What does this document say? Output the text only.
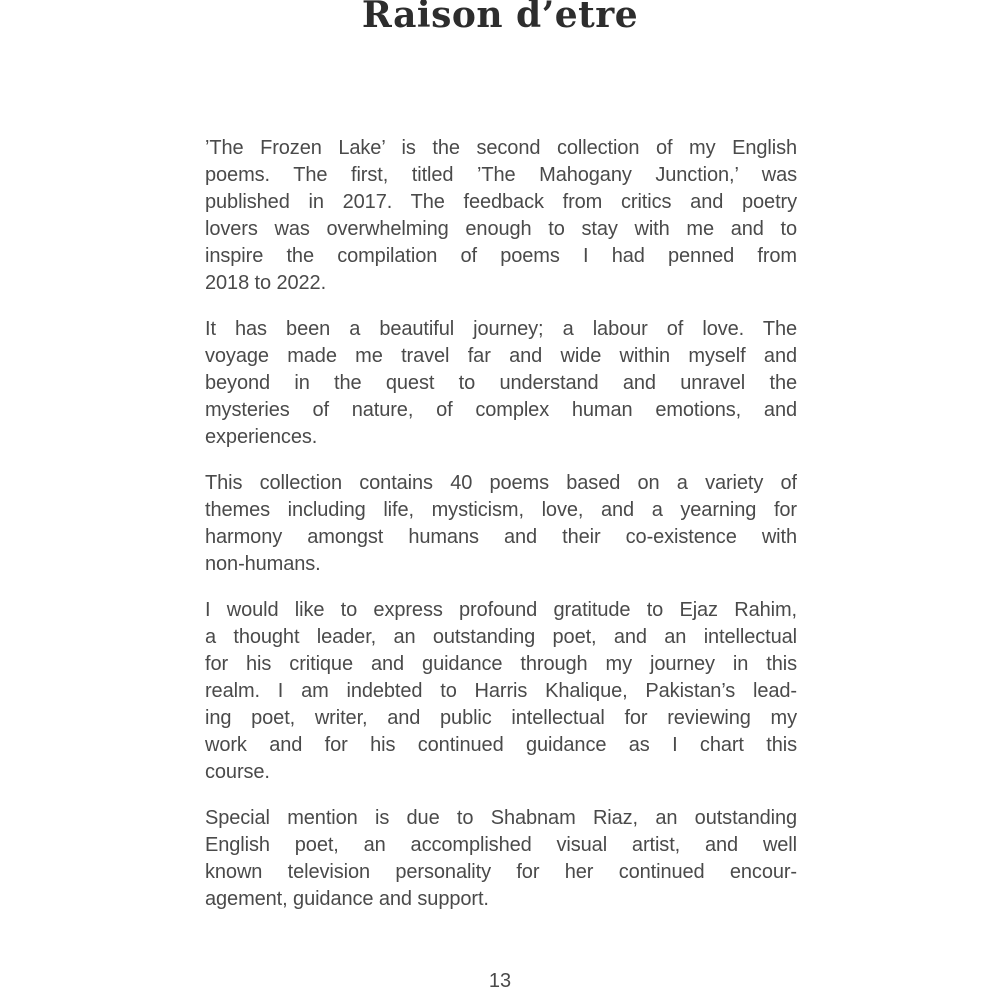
Raison d’etre
’The Frozen Lake’ is the second collection of my English
poems. The first, titled ’The Mahogany Junction,’ was
published in 2017. The feedback from critics and poetry
lovers was overwhelming enough to stay with me and to
inspire the compilation of poems I had penned from
2018 to 2022.
It has been a beautiful journey; a labour of love. The
voyage made me travel far and wide within myself and
beyond in the quest to understand and unravel the
mysteries of nature, of complex human emotions, and
experiences.
This collection contains 40 poems based on a variety of
themes including life, mysticism, love, and a yearning for
harmony amongst humans and their co-existence with
non-humans.
I would like to express profound gratitude to Ejaz Rahim,
a thought leader, an outstanding poet, and an intellectual
for his critique and guidance through my journey in this
realm. I am indebted to Harris Khalique, Pakistan’s lead-
ing poet, writer, and public intellectual for reviewing my
work and for his continued guidance as I chart this
course.
Special mention is due to Shabnam Riaz, an outstanding
English poet, an accomplished visual artist, and well
known television personality for her continued encour-
agement, guidance and support.
13
